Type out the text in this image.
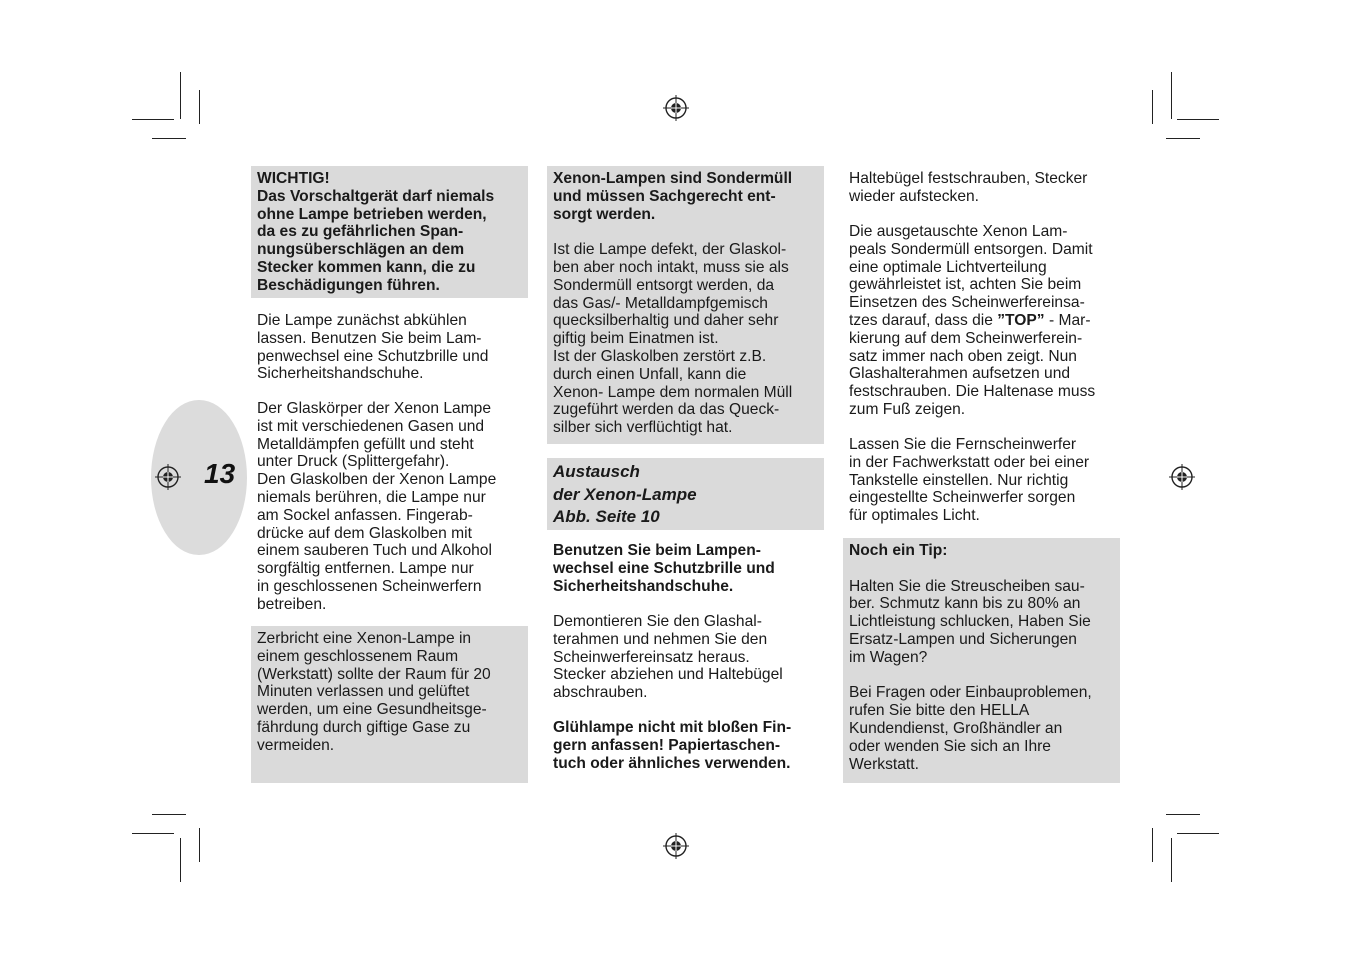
13

WICHTIG!

Das Vorschaltgerät darf niemals
ohne Lampe betrieben werden,
da es zu gefährlichen Span-
nungsüberschlägen an dem
Stecker kommen kann, die zu
Beschädigungen führen.

Die Lampe zunächst abkühlen
lassen. Benutzen Sie beim Lam-
penwechsel eine Schutzbrille und
Sicherheitshandschuhe.

Der Glaskörper der Xenon Lampe
ist mit verschiedenen Gasen und
Metalldämpfen gefüllt und steht
unter Druck (Splittergefahr).
Den Glaskolben der Xenon Lampe
niemals berühren, die Lampe nur
am Sockel anfassen. Fingerab-
drücke auf dem Glaskolben mit
einem sauberen Tuch und Alkohol
sorgfältig entfernen. Lampe nur
in geschlossenen Scheinwerfern
betreiben.

Zerbricht eine Xenon-Lampe in
einem geschlossenem Raum
(Werkstatt) sollte der Raum für 20
Minuten verlassen und gelüftet
werden, um eine Gesundheitsge-
fährdung durch giftige Gase zu
vermeiden.

Xenon-Lampen sind Sondermüll
und müssen Sachgerecht ent-
sorgt werden.

Ist die Lampe defekt, der Glaskol-
ben aber noch intakt, muss sie als
Sondermüll entsorgt werden, da
das Gas/- Metalldampfgemisch
quecksilberhaltig und daher sehr
giftig beim Einatmen ist.
Ist der Glaskolben zerstört z.B.
durch einen Unfall, kann die
Xenon- Lampe dem normalen Müll
zugeführt werden da das Queck-
silber sich verflüchtigt hat.

Austausch
der Xenon-Lampe
Abb. Seite 10

Benutzen Sie beim Lampen-
wechsel eine Schutzbrille und
Sicherheitshandschuhe.

Demontieren Sie den Glashal-
terahmen und nehmen Sie den
Scheinwerfereinsatz heraus.
Stecker abziehen und Haltebügel
abschrauben.

Glühlampe nicht mit bloßen Fin-
gern anfassen! Papiertaschen-
tuch oder ähnliches verwenden.

Haltebügel festschrauben, Stecker
wieder aufstecken.

Die ausgetauschte Xenon Lam-
peals Sondermüll entsorgen. Damit
eine optimale Lichtverteilung
gewährleistet ist, achten Sie beim
Einsetzen des Scheinwerfereinsa-
tzes darauf, dass die ”TOP” - Mar-
kierung auf dem Scheinwerferein-
satz immer nach oben zeigt. Nun
Glashalterahmen aufsetzen und
festschrauben. Die Haltenase muss
zum Fuß zeigen.

Lassen Sie die Fernscheinwerfer
in der Fachwerkstatt oder bei einer
Tankstelle einstellen. Nur richtig
eingestellte Scheinwerfer sorgen
für optimales Licht.

Noch ein Tip:

Halten Sie die Streuscheiben sau-
ber. Schmutz kann bis zu 80% an
Lichtleistung schlucken, Haben Sie
Ersatz-Lampen und Sicherungen
im Wagen?

Bei Fragen oder Einbauproblemen,
rufen Sie bitte den HELLA
Kundendienst, Großhändler an
oder wenden Sie sich an Ihre
Werkstatt.
